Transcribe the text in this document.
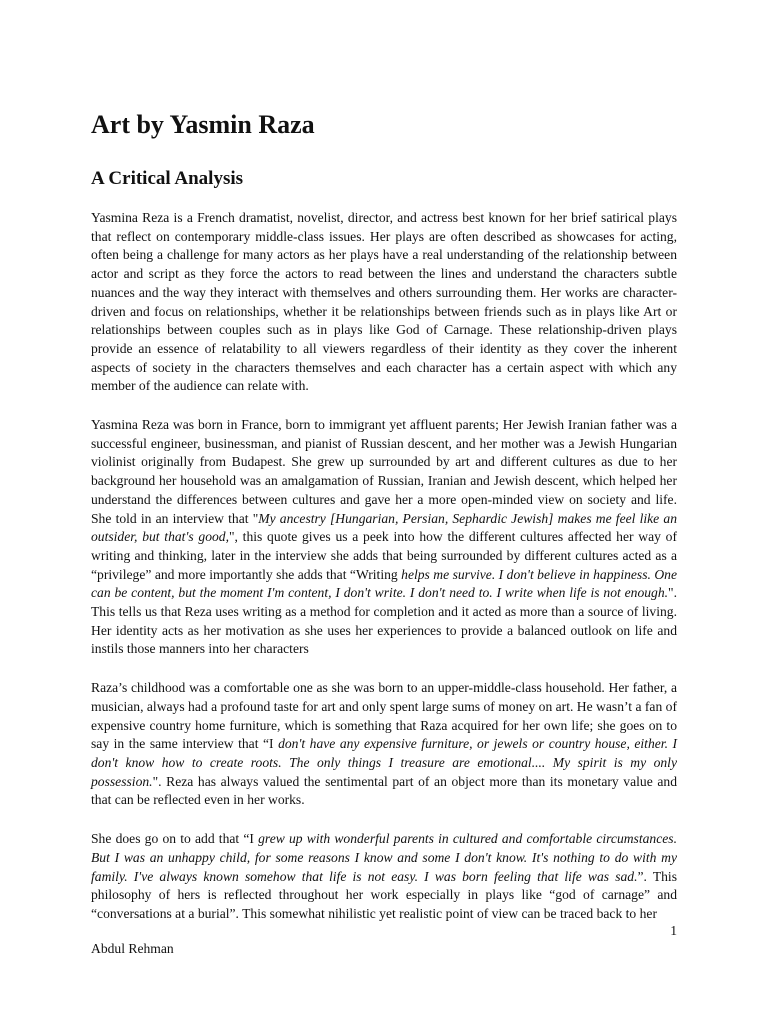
Art by Yasmin Raza
A Critical Analysis

Yasmina Reza is a French dramatist, novelist, director, and actress best known for her brief satirical plays that reflect on contemporary middle-class issues. Her plays are often described as showcases for acting, often being a challenge for many actors as her plays have a real understanding of the relationship between actor and script as they force the actors to read between the lines and understand the characters subtle nuances and the way they interact with themselves and others surrounding them. Her works are character-driven and focus on relationships, whether it be relationships between friends such as in plays like Art or relationships between couples such as in plays like God of Carnage. These relationship-driven plays provide an essence of relatability to all viewers regardless of their identity as they cover the inherent aspects of society in the characters themselves and each character has a certain aspect with which any member of the audience can relate with.

Yasmina Reza was born in France, born to immigrant yet affluent parents; Her Jewish Iranian father was a successful engineer, businessman, and pianist of Russian descent, and her mother was a Jewish Hungarian violinist originally from Budapest. She grew up surrounded by art and different cultures as due to her background her household was an amalgamation of Russian, Iranian and Jewish descent, which helped her understand the differences between cultures and gave her a more open-minded view on society and life. She told in an interview that "My ancestry [Hungarian, Persian, Sephardic Jewish] makes me feel like an outsider, but that's good,", this quote gives us a peek into how the different cultures affected her way of writing and thinking, later in the interview she adds that being surrounded by different cultures acted as a “privilege” and more importantly she adds that “Writing helps me survive. I don't believe in happiness. One can be content, but the moment I'm content, I don't write. I don't need to. I write when life is not enough.". This tells us that Reza uses writing as a method for completion and it acted as more than a source of living. Her identity acts as her motivation as she uses her experiences to provide a balanced outlook on life and instils those manners into her characters

Raza’s childhood was a comfortable one as she was born to an upper-middle-class household. Her father, a musician, always had a profound taste for art and only spent large sums of money on art. He wasn’t a fan of expensive country home furniture, which is something that Raza acquired for her own life; she goes on to say in the same interview that “I don't have any expensive furniture, or jewels or country house, either. I don't know how to create roots. The only things I treasure are emotional.... My spirit is my only possession.". Reza has always valued the sentimental part of an object more than its monetary value and that can be reflected even in her works.

She does go on to add that “I grew up with wonderful parents in cultured and comfortable circumstances. But I was an unhappy child, for some reasons I know and some I don't know. It's nothing to do with my family. I've always known somehow that life is not easy. I was born feeling that life was sad.”. This philosophy of hers is reflected throughout her work especially in plays like “god of carnage” and “conversations at a burial”. This somewhat nihilistic yet realistic point of view can be traced back to her

1
Abdul Rehman
